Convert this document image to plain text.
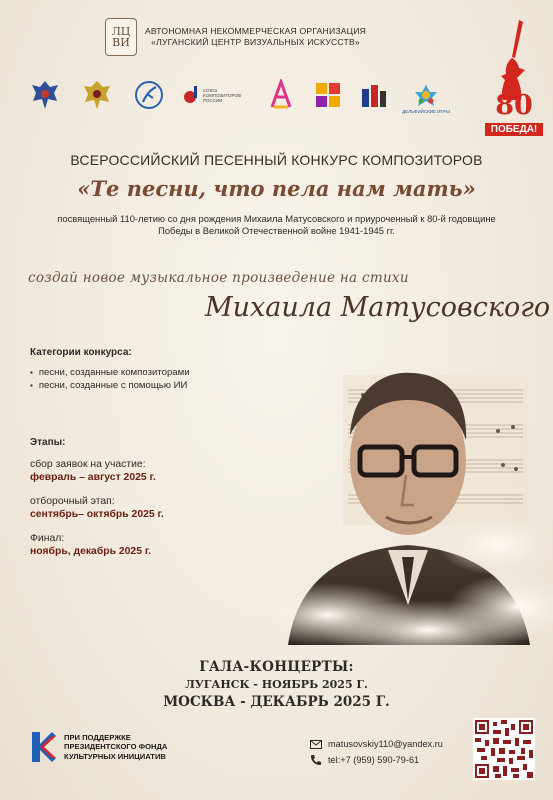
ЛЦ
ВИ
АВТОНОМНАЯ НЕКОММЕРЧЕСКАЯ ОРГАНИЗАЦИЯ
«ЛУГАНСКИЙ ЦЕНТР ВИЗУАЛЬНЫХ ИСКУССТВ»
СОЮЗ КОМПОЗИТОРОВ РОССИИ
ДЕЛЬФИЙСКИЕ ИГРЫ	80
ПОБЕДА!
ВСЕРОССИЙСКИЙ ПЕСЕННЫЙ КОНКУРС КОМПОЗИТОРОВ
«Те песни, что пела нам мать»
посвященный 110-летию со дня рождения Михаила Матусовского и приуроченный к 80-й годовщине Победы в Великой Отечественной войне 1941-1945 гг.
создай новое музыкальное произведение на стихи
Михаила Матусовского
Категории конкурса:
▪ песни, созданные композиторами
▪ песни, созданные с помощью ИИ
Этапы:
сбор заявок на участие:
февраль – август 2025 г.
отборочный этап:
сентябрь– октябрь 2025 г.
Финал:
ноябрь, декабрь 2025 г.
ГАЛА-КОНЦЕРТЫ:
ЛУГАНСК - НОЯБРЬ 2025 Г.
МОСКВА - ДЕКАБРЬ 2025 Г.
ПРИ ПОДДЕРЖКЕ
ПРЕЗИДЕНТСКОГО ФОНДА
КУЛЬТУРНЫХ ИНИЦИАТИВ
matusovskiy110@yandex.ru
tel:+7 (959) 590-79-61
